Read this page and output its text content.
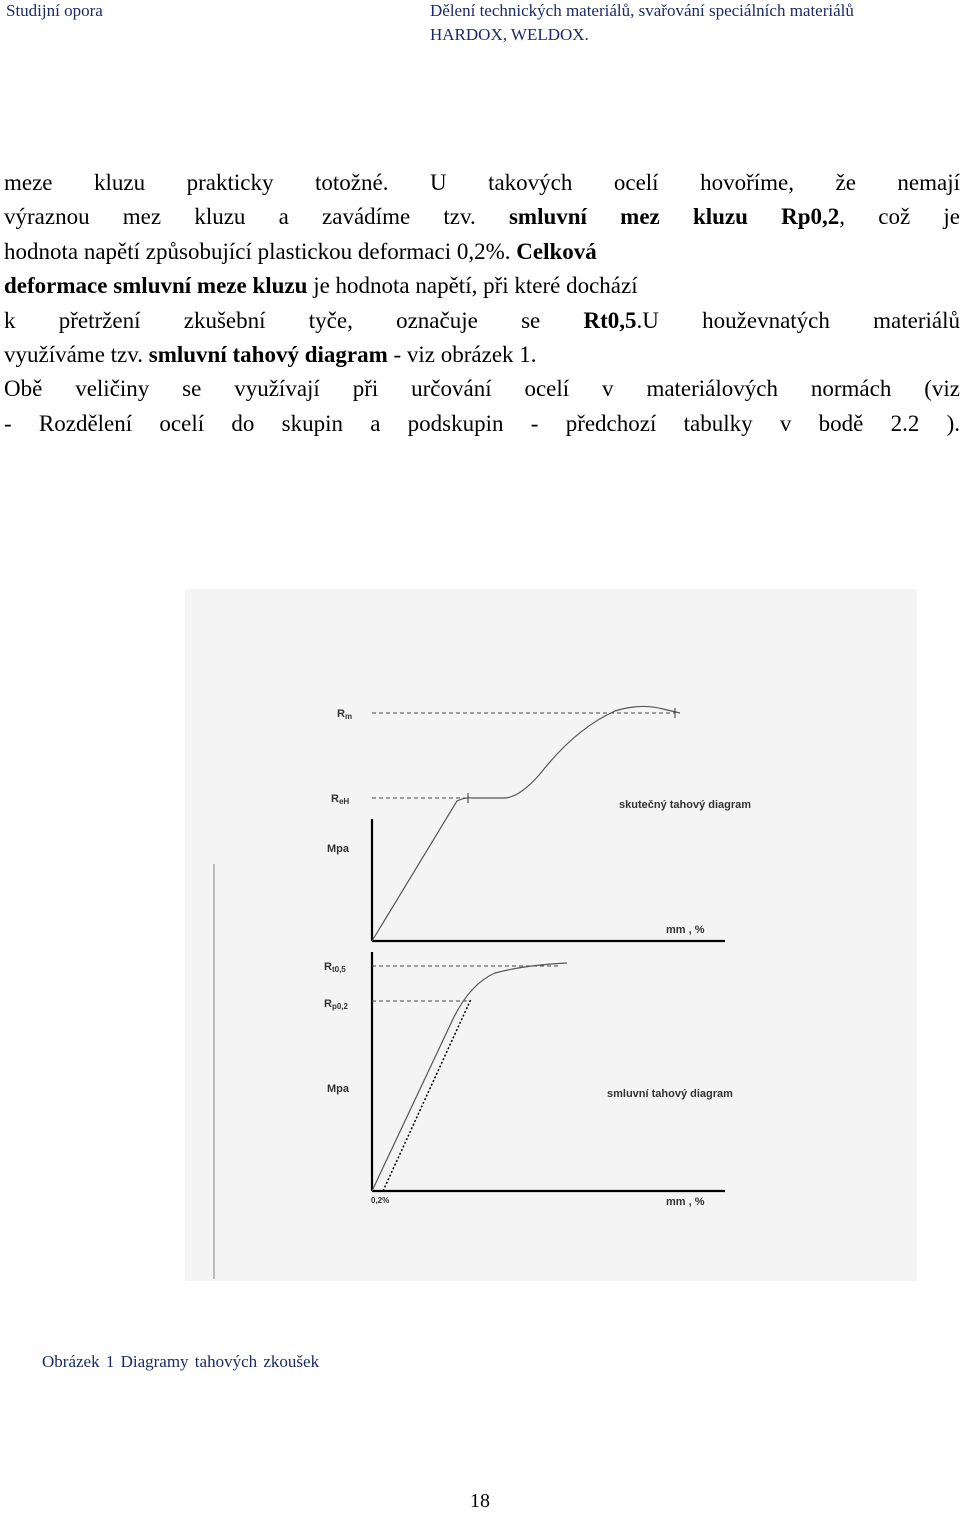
Studijní opora	Dělení technických materiálů, svařování speciálních materiálů
HARDOX, WELDOX.
meze kluzu prakticky totožné. U takových ocelí hovoříme, že nemají
výraznou mez kluzu a zavádíme tzv. smluvní mez kluzu Rp0,2, což je
hodnota napětí způsobující plastickou deformaci 0,2%. Celková
deformace smluvní meze kluzu je hodnota napětí, při které dochází
k přetržení zkušební tyče, označuje se Rt0,5.U houževnatých materiálů
využíváme tzv. smluvní tahový diagram - viz obrázek 1.
Obě veličiny se využívají při určování ocelí v materiálových normách (viz
- Rozdělení ocelí do skupin a podskupin - předchozí tabulky v bodě 2.2 ).
Rm
ReH
Mpa
mm , %
skutečný tahový diagram
Rt0,5
Rp0,2
Mpa
0,2%	mm , %
smluvní tahový diagram
Obrázek 1 Diagramy tahových zkoušek
18
